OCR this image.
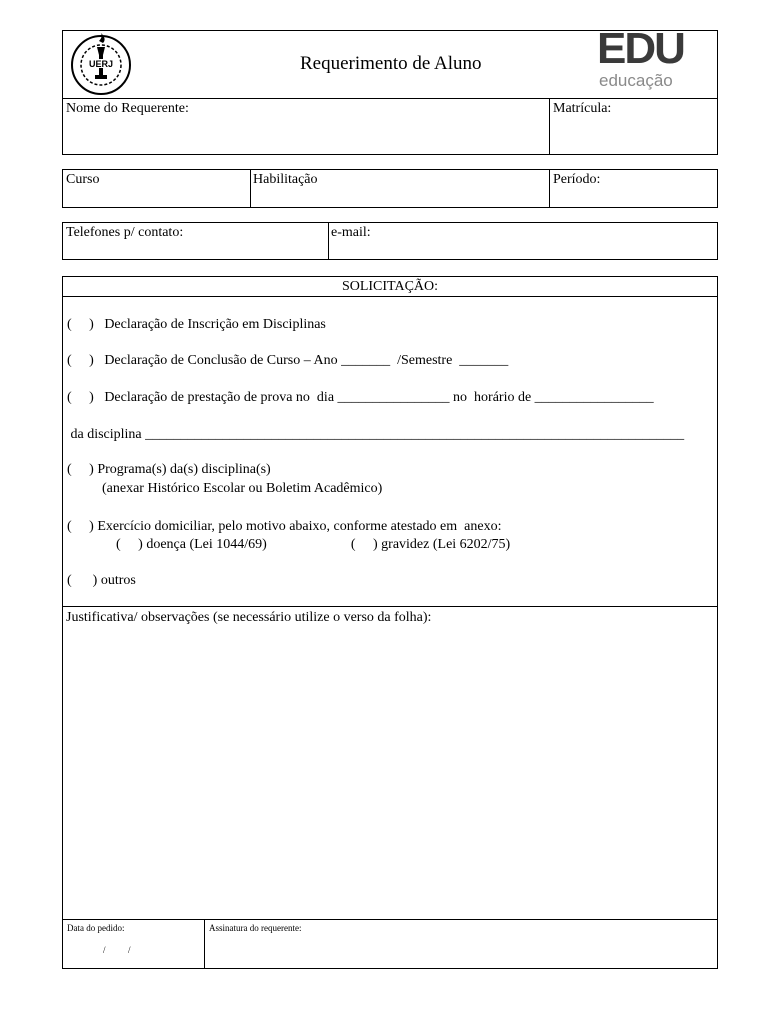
UERJ	Requerimento de Aluno	EDU
educação
Nome do Requerente:	Matrícula:
Curso	Habilitação	Período:
Telefones p/ contato:	e-mail:
SOLICITAÇÃO:
(     )   Declaração de Inscrição em Disciplinas
(     )   Declaração de Conclusão de Curso – Ano _______  /Semestre  _______
(     )   Declaração de prestação de prova no  dia ________________ no  horário de _________________
da disciplina _____________________________________________________________________________
(     ) Programa(s) da(s) disciplina(s)
(anexar Histórico Escolar ou Boletim Acadêmico)
(     ) Exercício domiciliar, pelo motivo abaixo, conforme atestado em  anexo:
(     ) doença (Lei 1044/69)                        (     ) gravidez (Lei 6202/75)
(      ) outros
Justificativa/ observações (se necessário utilize o verso da folha):
Data do pedido:
/          /
Assinatura do requerente:
